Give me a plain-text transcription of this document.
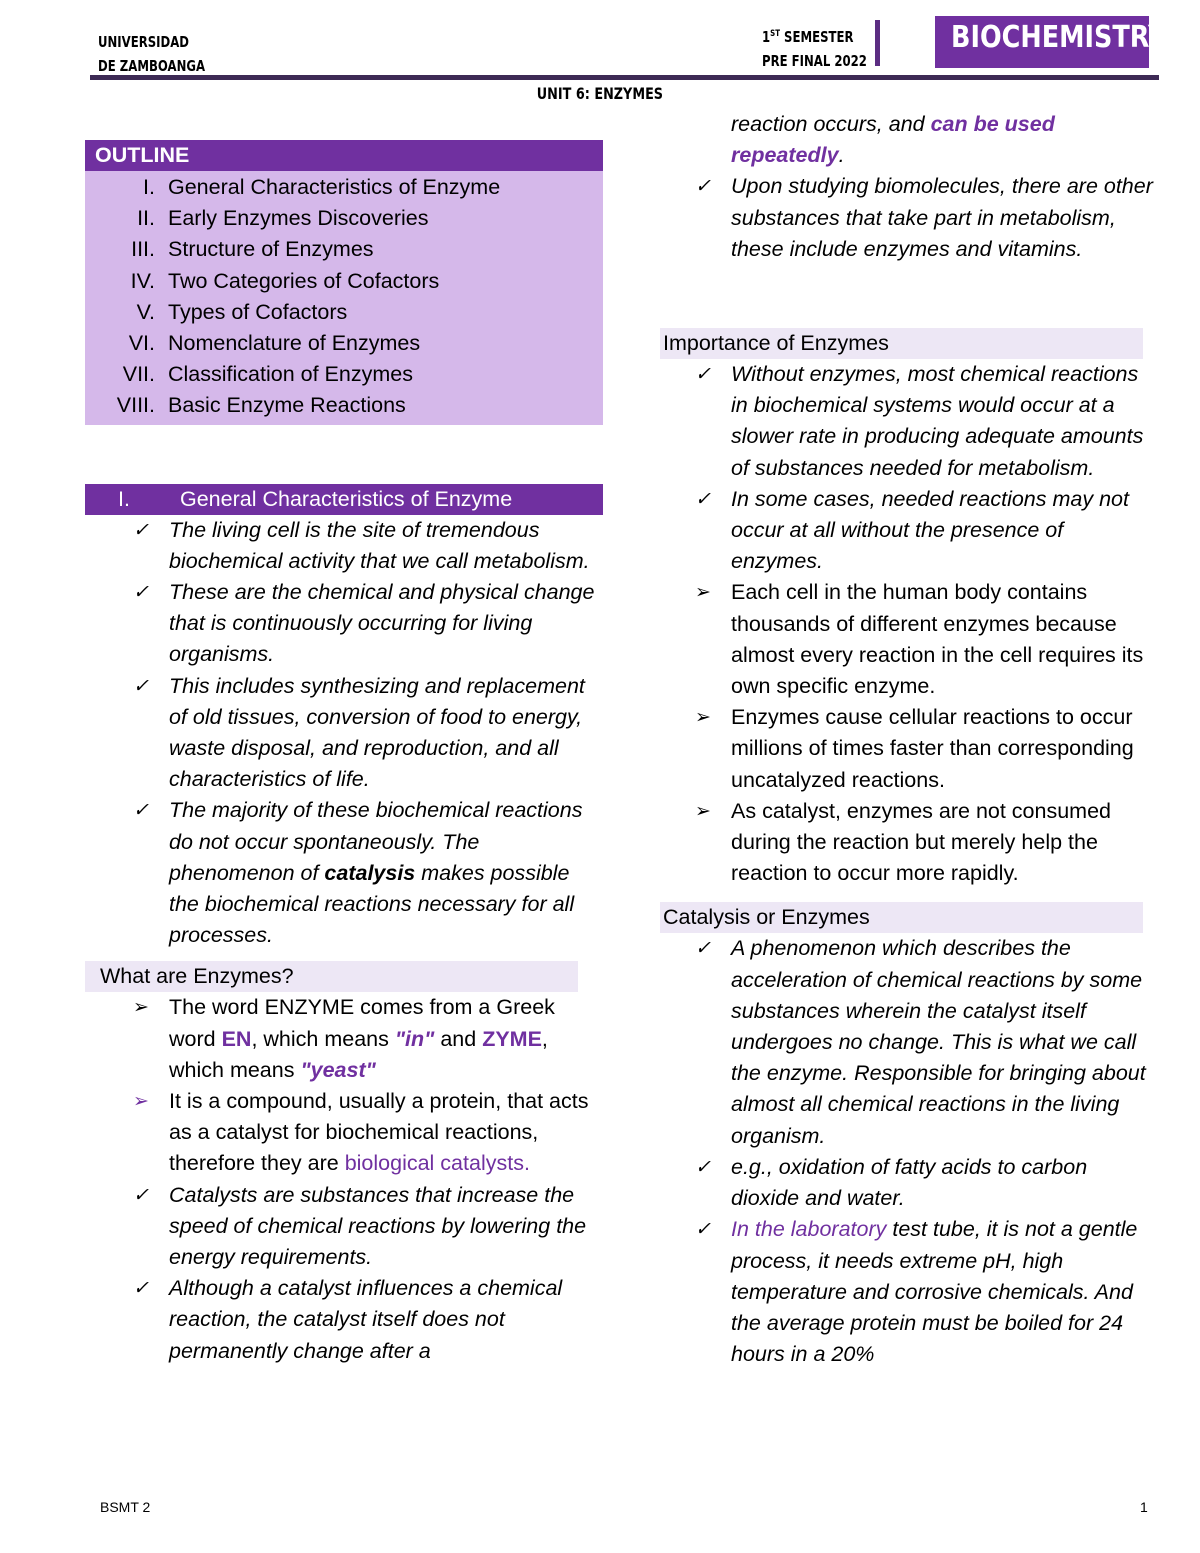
UNIVERSIDAD
DE ZAMBOANGA
1ST SEMESTER
PRE FINAL 2022
BIOCHEMISTRY
UNIT 6: ENZYMES
OUTLINE
I. General Characteristics of Enzyme
II. Early Enzymes Discoveries
III. Structure of Enzymes
IV. Two Categories of Cofactors
V. Types of Cofactors
VI. Nomenclature of Enzymes
VII. Classification of Enzymes
VIII. Basic Enzyme Reactions
I.	General Characteristics of Enzyme
✓ The living cell is the site of tremendous biochemical activity that we call metabolism.
✓ These are the chemical and physical change that is continuously occurring for living organisms.
✓ This includes synthesizing and replacement of old tissues, conversion of food to energy, waste disposal, and reproduction, and all characteristics of life.
✓ The majority of these biochemical reactions do not occur spontaneously. The phenomenon of catalysis makes possible the biochemical reactions necessary for all processes.
What are Enzymes?
➢ The word ENZYME comes from a Greek word EN, which means "in" and ZYME, which means "yeast"
➢ It is a compound, usually a protein, that acts as a catalyst for biochemical reactions, therefore they are biological catalysts.
✓ Catalysts are substances that increase the speed of chemical reactions by lowering the energy requirements.
✓ Although a catalyst influences a chemical reaction, the catalyst itself does not permanently change after a
reaction occurs, and can be used repeatedly.
✓ Upon studying biomolecules, there are other substances that take part in metabolism, these include enzymes and vitamins.
Importance of Enzymes
✓ Without enzymes, most chemical reactions in biochemical systems would occur at a slower rate in producing adequate amounts of substances needed for metabolism.
✓ In some cases, needed reactions may not occur at all without the presence of enzymes.
➢ Each cell in the human body contains thousands of different enzymes because almost every reaction in the cell requires its own specific enzyme.
➢ Enzymes cause cellular reactions to occur millions of times faster than corresponding uncatalyzed reactions.
➢ As catalyst, enzymes are not consumed during the reaction but merely help the reaction to occur more rapidly.
Catalysis or Enzymes
✓ A phenomenon which describes the acceleration of chemical reactions by some substances wherein the catalyst itself undergoes no change. This is what we call the enzyme. Responsible for bringing about almost all chemical reactions in the living organism.
✓ e.g., oxidation of fatty acids to carbon dioxide and water.
✓ In the laboratory test tube, it is not a gentle process, it needs extreme pH, high temperature and corrosive chemicals. And the average protein must be boiled for 24 hours in a 20%
BSMT 2	1
